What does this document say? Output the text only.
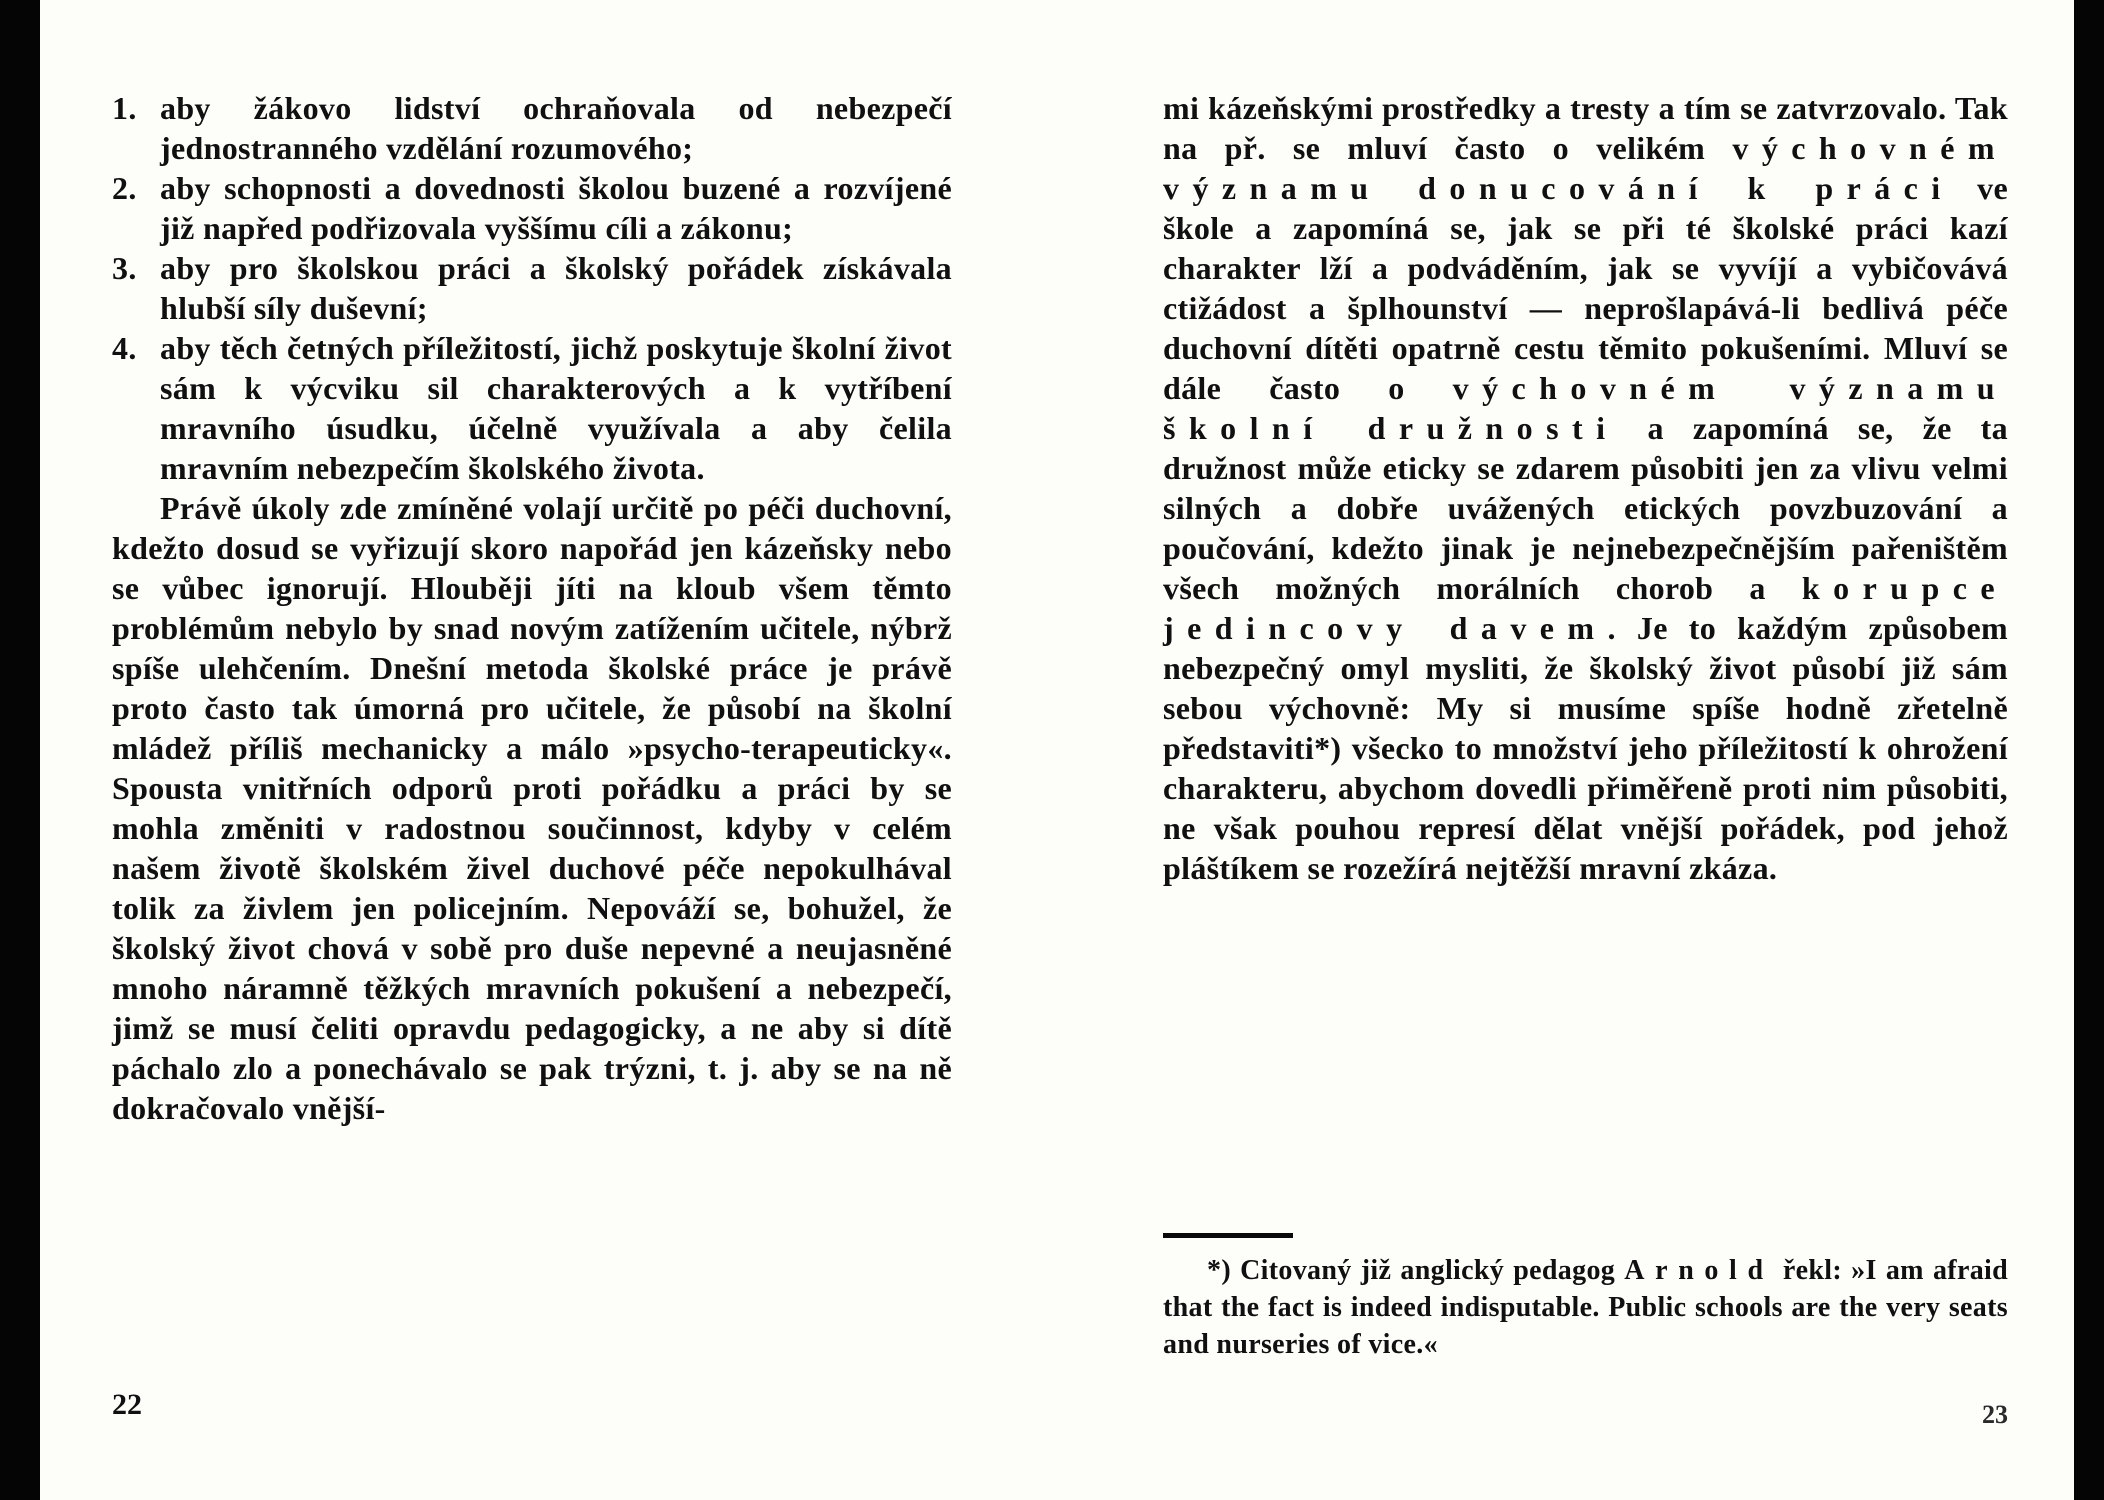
1. aby žákovo lidství ochraňovala od nebezpečí jednostranného vzdělání rozumového;
2. aby schopnosti a dovednosti školou buzené a rozvíjené již napřed podřizovala vyššímu cíli a zákonu;
3. aby pro školskou práci a školský pořádek získávala hlubší síly duševní;
4. aby těch četných příležitostí, jichž poskytuje školní život sám k výcviku sil charakterových a k vytříbení mravního úsudku, účelně využívala a aby čelila mravním nebezpečím školského života.

Právě úkoly zde zmíněné volají určitě po péči duchovní, kdežto dosud se vyřizují skoro napořád jen kázeňsky nebo se vůbec ignorují. Hlouběji jíti na kloub všem těmto problémům nebylo by snad novým zatížením učitele, nýbrž spíše ulehčením. Dnešní metoda školské práce je právě proto často tak úmorná pro učitele, že působí na školní mládež příliš mechanicky a málo »psycho-terapeuticky«. Spousta vnitřních odporů proti pořádku a práci by se mohla změniti v radostnou součinnost, kdyby v celém našem životě školském živel duchové péče nepokulhával tolik za živlem jen policejním. Nepováží se, bohužel, že školský život chová v sobě pro duše nepevné a neujasněné mnoho náramně těžkých mravních pokušení a nebezpečí, jimž se musí čeliti opravdu pedagogicky, a ne aby si dítě páchalo zlo a ponechávalo se pak trýzni, t. j. aby se na ně dokračovalo vnější-

mi kázeňskými prostředky a tresty a tím se zatvrzovalo. Tak na př. se mluví často o velikém výchovném významu donucování k práci ve škole a zapomíná se, jak se při té školské práci kazí charakter lží a podváděním, jak se vyvíjí a vybičovává ctižádost a šplhounství — neprošlapává-li bedlivá péče duchovní dítěti opatrně cestu těmito pokušeními. Mluví se dále často o výchovném významu školní družnosti a zapomíná se, že ta družnost může eticky se zdarem působiti jen za vlivu velmi silných a dobře uvážených etických povzbuzování a poučování, kdežto jinak je nejnebezpečnějším pařeništěm všech možných morálních chorob a korupce jedincovy davem. Je to každým způsobem nebezpečný omyl mysliti, že školský život působí již sám sebou výchovně: My si musíme spíše hodně zřetelně představiti*) všecko to množství jeho příležitostí k ohrožení charakteru, abychom dovedli přiměřeně proti nim působiti, ne však pouhou represí dělat vnější pořádek, pod jehož pláštíkem se rozežírá nejtěžší mravní zkáza.

*) Citovaný již anglický pedagog Arnold řekl: »I am afraid that the fact is indeed indisputable. Public schools are the very seats and nurseries of vice.«

22	23
